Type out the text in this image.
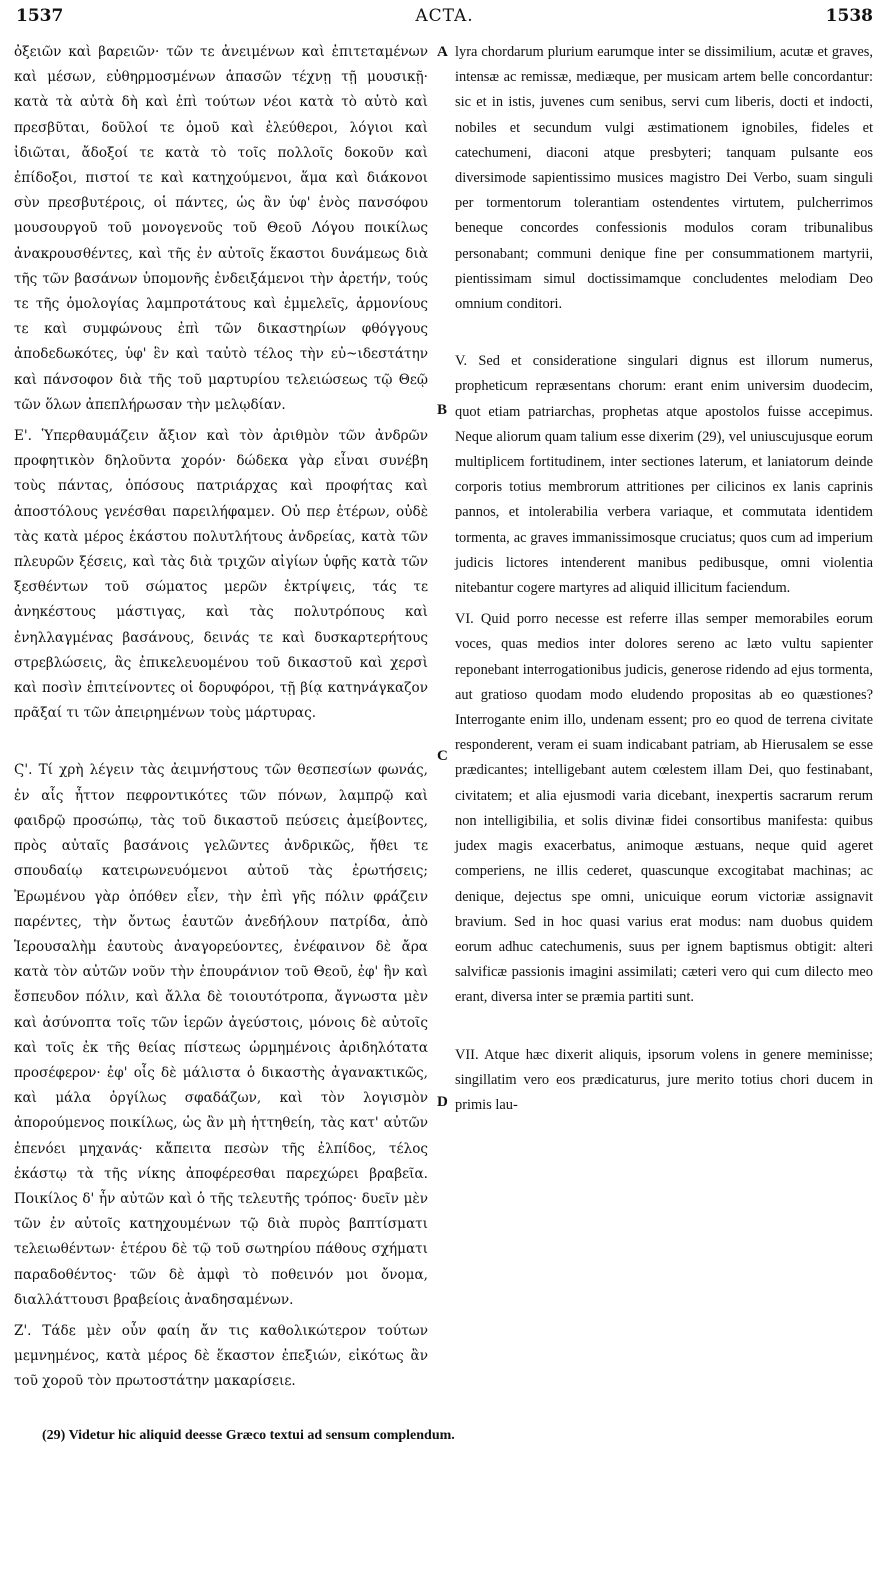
1537	ACTA.	1538
A
B
C
D

ὀξειῶν καὶ βαρειῶν· τῶν τε ἀνειμένων καὶ ἐπιτεταμένων καὶ μέσων, εὐθηρμοσμένων ἁπασῶν τέχνῃ τῇ μουσικῇ· κατὰ τὰ αὐτὰ δὴ καὶ ἐπὶ τούτων νέοι κατὰ τὸ αὐτὸ καὶ πρεσβῦται, δοῦλοί τε ὁμοῦ καὶ ἐλεύθεροι, λόγιοι καὶ ἰδιῶται, ἄδοξοί τε κατὰ τὸ τοῖς πολλοῖς δοκοῦν καὶ ἐπίδοξοι, πιστοί τε καὶ κατηχούμενοι, ἅμα καὶ διάκονοι σὺν πρεσβυτέροις, οἱ πάντες, ὡς ἂν ὑφ' ἑνὸς πανσόφου μουσουργοῦ τοῦ μονογενοῦς τοῦ Θεοῦ Λόγου ποικίλως ἀνακρουσθέντες, καὶ τῆς ἐν αὐτοῖς ἕκαστοι δυνάμεως διὰ τῆς τῶν βασάνων ὑπομονῆς ἐνδειξάμενοι τὴν ἀρετήν, τούς τε τῆς ὁμολογίας λαμπροτάτους καὶ ἐμμελεῖς, ἁρμονίους τε καὶ συμφώνους ἐπὶ τῶν δικαστηρίων φθόγγους ἀποδεδωκότες, ὑφ' ἓν καὶ ταὐτὸ τέλος τὴν εὐ~ιδεστάτην καὶ πάνσοφον διὰ τῆς τοῦ μαρτυρίου τελειώσεως τῷ Θεῷ τῶν ὅλων ἀπεπλήρωσαν τὴν μελῳδίαν.

Ε'. Ὑπερθαυμάζειν ἄξιον καὶ τὸν ἀριθμὸν τῶν ἀνδρῶν προφητικὸν δηλοῦντα χορόν· δώδεκα γὰρ εἶναι συνέβη τοὺς πάντας, ὁπόσους πατριάρχας καὶ προφήτας καὶ ἀποστόλους γενέσθαι παρειλήφαμεν. Οὐ περ ἑτέρων, οὐδὲ τὰς κατὰ μέρος ἑκάστου πολυτλήτους ἀνδρείας, κατὰ τῶν πλευρῶν ξέσεις, καὶ τὰς διὰ τριχῶν αἰγίων ὑφῆς κατὰ τῶν ξεσθέντων τοῦ σώματος μερῶν ἐκτρίψεις, τάς τε ἀνηκέστους μάστιγας, καὶ τὰς πολυτρόπους καὶ ἐνηλλαγμένας βασάνους, δεινάς τε καὶ δυσκαρτερήτους στρεβλώσεις, ἃς ἐπικελευομένου τοῦ δικαστοῦ καὶ χερσὶ καὶ ποσὶν ἐπιτείνοντες οἱ δορυφόροι, τῇ βίᾳ κατηνάγκαζον πρᾶξαί τι τῶν ἀπειρημένων τοὺς μάρτυρας.

Ϛ'. Τί χρὴ λέγειν τὰς ἀειμνήστους τῶν θεσπεσίων φωνάς, ἐν αἷς ἧττον πεφροντικότες τῶν πόνων, λαμπρῷ καὶ φαιδρῷ προσώπῳ, τὰς τοῦ δικαστοῦ πεύσεις ἀμείβοντες, πρὸς αὐταῖς βασάνοις γελῶντες ἀνδρικῶς, ἤθει τε σπουδαίῳ κατειρωνευόμενοι αὐτοῦ τὰς ἐρωτήσεις; Ἐρωμένου γὰρ ὁπόθεν εἶεν, τὴν ἐπὶ γῆς πόλιν φράζειν παρέντες, τὴν ὄντως ἑαυτῶν ἀνεδήλουν πατρίδα, ἀπὸ Ἱερουσαλὴμ ἑαυτοὺς ἀναγορεύοντες, ἐνέφαινον δὲ ἄρα κατὰ τὸν αὐτῶν νοῦν τὴν ἐπουράνιον τοῦ Θεοῦ, ἐφ' ἣν καὶ ἔσπευδον πόλιν, καὶ ἄλλα δὲ τοιουτότροπα, ἄγνωστα μὲν καὶ ἀσύνοπτα τοῖς τῶν ἱερῶν ἀγεύστοις, μόνοις δὲ αὐτοῖς καὶ τοῖς ἐκ τῆς θείας πίστεως ὡρμημένοις ἀριδηλότατα προσέφερον· ἐφ' οἷς δὲ μάλιστα ὁ δικαστὴς ἀγανακτικῶς, καὶ μάλα ὀργίλως σφαδάζων, καὶ τὸν λογισμὸν ἀπορούμενος ποικίλως, ὡς ἂν μὴ ἡττηθείη, τὰς κατ' αὐτῶν ἐπενόει μηχανάς· κἄπειτα πεσὼν τῆς ἐλπίδος, τέλος ἑκάστῳ τὰ τῆς νίκης ἀποφέρεσθαι παρεχώρει βραβεῖα. Ποικίλος δ' ἦν αὐτῶν καὶ ὁ τῆς τελευτῆς τρόπος· δυεῖν μὲν τῶν ἐν αὐτοῖς κατηχουμένων τῷ διὰ πυρὸς βαπτίσματι τελειωθέντων· ἑτέρου δὲ τῷ τοῦ σωτηρίου πάθους σχήματι παραδοθέντος· τῶν δὲ ἀμφὶ τὸ ποθεινόν μοι ὄνομα, διαλλάττουσι βραβείοις ἀναδησαμένων.

Ζ'. Τάδε μὲν οὖν φαίη ἄν τις καθολικώτερον τούτων μεμνημένος, κατὰ μέρος δὲ ἕκαστον ἐπεξιών, εἰκότως ἂν τοῦ χοροῦ τὸν πρωτοστάτην μακαρίσειε.

lyra chordarum plurium earumque inter se dissimilium, acutæ et graves, intensæ ac remissæ, mediæque, per musicam artem belle concordantur: sic et in istis, juvenes cum senibus, servi cum liberis, docti et indocti, nobiles et secundum vulgi æstimationem ignobiles, fideles et catechumeni, diaconi atque presbyteri; tanquam pulsante eos diversimode sapientissimo musices magistro Dei Verbo, suam singuli per tormentorum tolerantiam ostendentes virtutem, pulcherrimos beneque concordes confessionis modulos coram tribunalibus personabant; communi denique fine per consummationem martyrii, pientissimam simul doctissimamque concludentes melodiam Deo omnium conditori.

V. Sed et consideratione singulari dignus est illorum numerus, propheticum repræsentans chorum: erant enim universim duodecim, quot etiam patriarchas, prophetas atque apostolos fuisse accepimus. Neque aliorum quam talium esse dixerim (29), vel uniuscujusque eorum multiplicem fortitudinem, inter sectiones laterum, et laniatorum deinde corporis totius membrorum attritiones per cilicinos ex lanis caprinis pannos, et intolerabilia verbera variaque, et commutata identidem tormenta, ac graves immanissimosque cruciatus; quos cum ad imperium judicis lictores intenderent manibus pedibusque, omni violentia nitebantur cogere martyres ad aliquid illicitum faciendum.

VI. Quid porro necesse est referre illas semper memorabiles eorum voces, quas medios inter dolores sereno ac læto vultu sapienter reponebant interrogationibus judicis, generose ridendo ad ejus tormenta, aut gratioso quodam modo eludendo propositas ab eo quæstiones? Interrogante enim illo, undenam essent; pro eo quod de terrena civitate responderent, veram ei suam indicabant patriam, ab Hierusalem se esse prædicantes; intelligebant autem cœlestem illam Dei, quo festinabant, civitatem; et alia ejusmodi varia dicebant, inexpertis sacrarum rerum non intelligibilia, et solis divinæ fidei consortibus manifesta: quibus judex magis exacerbatus, animoque æstuans, neque quid ageret comperiens, ne illis cederet, quascunque excogitabat machinas; ac denique, dejectus spe omni, unicuique eorum victoriæ assignavit bravium. Sed in hoc quasi varius erat modus: nam duobus quidem eorum adhuc catechumenis, suus per ignem baptismus obtigit: alteri salvificæ passionis imagini assimilati; cæteri vero qui cum dilecto meo erant, diversa inter se præmia partiti sunt.

VII. Atque hæc dixerit aliquis, ipsorum volens in genere meminisse; singillatim vero eos prædicaturus, jure merito totius chori ducem in primis lau-

(29) Videtur hic aliquid deesse Græco textui ad sensum complendum.
